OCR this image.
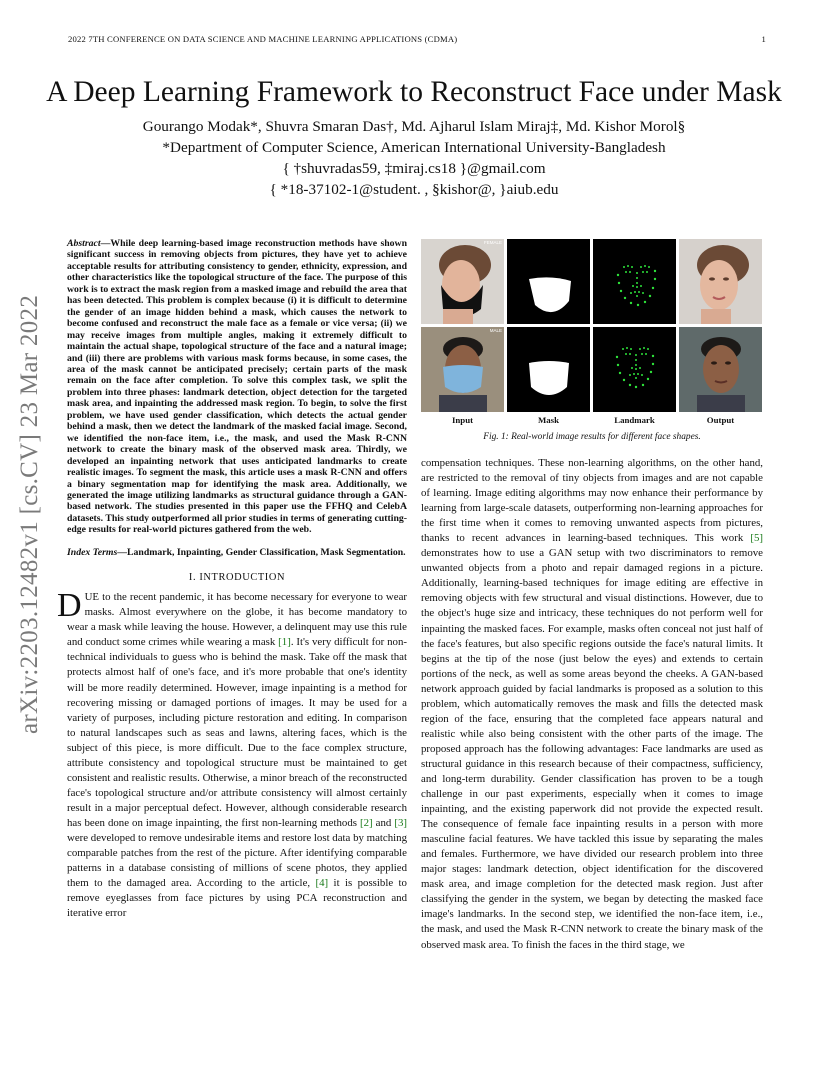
2022 7TH CONFERENCE ON DATA SCIENCE AND MACHINE LEARNING APPLICATIONS (CDMA)	1
A Deep Learning Framework to Reconstruct Face under Mask
Gourango Modak*, Shuvra Smaran Das†, Md. Ajharul Islam Miraj‡, Md. Kishor Morol§
*Department of Computer Science, American International University-Bangladesh
{ †shuvradas59, ‡miraj.cs18 }@gmail.com
{ *18-37102-1@student. , §kishor@, }aiub.edu
arXiv:2203.12482v1 [cs.CV] 23 Mar 2022
Abstract—While deep learning-based image reconstruction methods have shown significant success in removing objects from pictures, they have yet to achieve acceptable results for attributing consistency to gender, ethnicity, expression, and other characteristics like the topological structure of the face. The purpose of this work is to extract the mask region from a masked image and rebuild the area that has been detected. This problem is complex because (i) it is difficult to determine the gender of an image hidden behind a mask, which causes the network to become confused and reconstruct the male face as a female or vice versa; (ii) we may receive images from multiple angles, making it extremely difficult to maintain the actual shape, topological structure of the face and a natural image; and (iii) there are problems with various mask forms because, in some cases, the area of the mask cannot be anticipated precisely; certain parts of the mask remain on the face after completion. To solve this complex task, we split the problem into three phases: landmark detection, object detection for the targeted mask area, and inpainting the addressed mask region. To begin, to solve the first problem, we have used gender classification, which detects the actual gender behind a mask, then we detect the landmark of the masked facial image. Second, we identified the non-face item, i.e., the mask, and used the Mask R-CNN network to create the binary mask of the observed mask area. Thirdly, we developed an inpainting network that uses anticipated landmarks to create realistic images. To segment the mask, this article uses a mask R-CNN and offers a binary segmentation map for identifying the mask area. Additionally, we generated the image utilizing landmarks as structural guidance through a GAN-based network. The studies presented in this paper use the FFHQ and CelebA datasets. This study outperformed all prior studies in terms of generating cutting-edge results for real-world pictures gathered from the web.
Index Terms—Landmark, Inpainting, Gender Classification, Mask Segmentation.
I. INTRODUCTION
DUE to the recent pandemic, it has become necessary for everyone to wear masks. Almost everywhere on the globe, it has become mandatory to wear a mask while leaving the house. However, a delinquent may use this rule and conduct some crimes while wearing a mask [1]. It's very difficult for non-technical individuals to guess who is behind the mask. Take off the mask that protects almost half of one's face, and it's more probable that one's identity will be more readily determined. However, image inpainting is a method for recovering missing or damaged portions of images. It may be used for a variety of purposes, including picture restoration and editing. In comparison to natural landscapes such as seas and lawns, altering faces, which is the subject of this piece, is more difficult. Due to the face complex structure, attribute consistency and topological structure must be maintained to get consistent and realistic results. Otherwise, a minor breach of the reconstructed face's topological structure and/or attribute consistency will almost certainly result in a major perceptual defect. However, although considerable research has been done on image inpainting, the first non-learning methods [2] and [3] were developed to remove undesirable items and restore lost data by matching comparable patches from the rest of the picture. After identifying comparable patterns in a database consisting of millions of scene photos, they applied them to the damaged area. According to the article, [4] it is possible to remove eyeglasses from face pictures by using PCA reconstruction and iterative error
FEMALE
MALE
Input	Mask	Landmark	Output
Fig. 1: Real-world image results for different face shapes.
compensation techniques. These non-learning algorithms, on the other hand, are restricted to the removal of tiny objects from images and are not capable of learning. Image editing algorithms may now enhance their performance by learning from large-scale datasets, outperforming non-learning approaches for the first time when it comes to removing unwanted aspects from pictures, thanks to recent advances in learning-based techniques. This work [5] demonstrates how to use a GAN setup with two discriminators to remove unwanted objects from a photo and repair damaged regions in a picture. Additionally, learning-based techniques for image editing are effective in removing objects with few structural and visual distinctions. However, due to the object's huge size and intricacy, these techniques do not perform well for inpainting the masked faces. For example, masks often conceal not just half of the face's features, but also specific regions outside the face's natural limits. It begins at the tip of the nose (just below the eyes) and extends to certain portions of the neck, as well as some areas beyond the cheeks. A GAN-based network approach guided by facial landmarks is proposed as a solution to this problem, which automatically removes the mask and fills the detected mask region of the face, ensuring that the completed face appears natural and realistic while also being consistent with the other parts of the image. The proposed approach has the following advantages: Face landmarks are used as structural guidance in this research because of their compactness, sufficiency, and long-term durability. Gender classification has proven to be a tough challenge in our past experiments, especially when it comes to image inpainting, and the existing paperwork did not provide the expected result. The consequence of female face inpainting results in a person with more masculine facial features. We have tackled this issue by separating the males and females. Furthermore, we have divided our research problem into three major stages: landmark detection, object identification for the discovered mask area, and image completion for the detected mask region. Just after classifying the gender in the system, we began by detecting the masked face image's landmarks. In the second step, we identified the non-face item, i.e., the mask, and used the Mask R-CNN network to create the binary mask of the observed mask area. To finish the faces in the third stage, we
